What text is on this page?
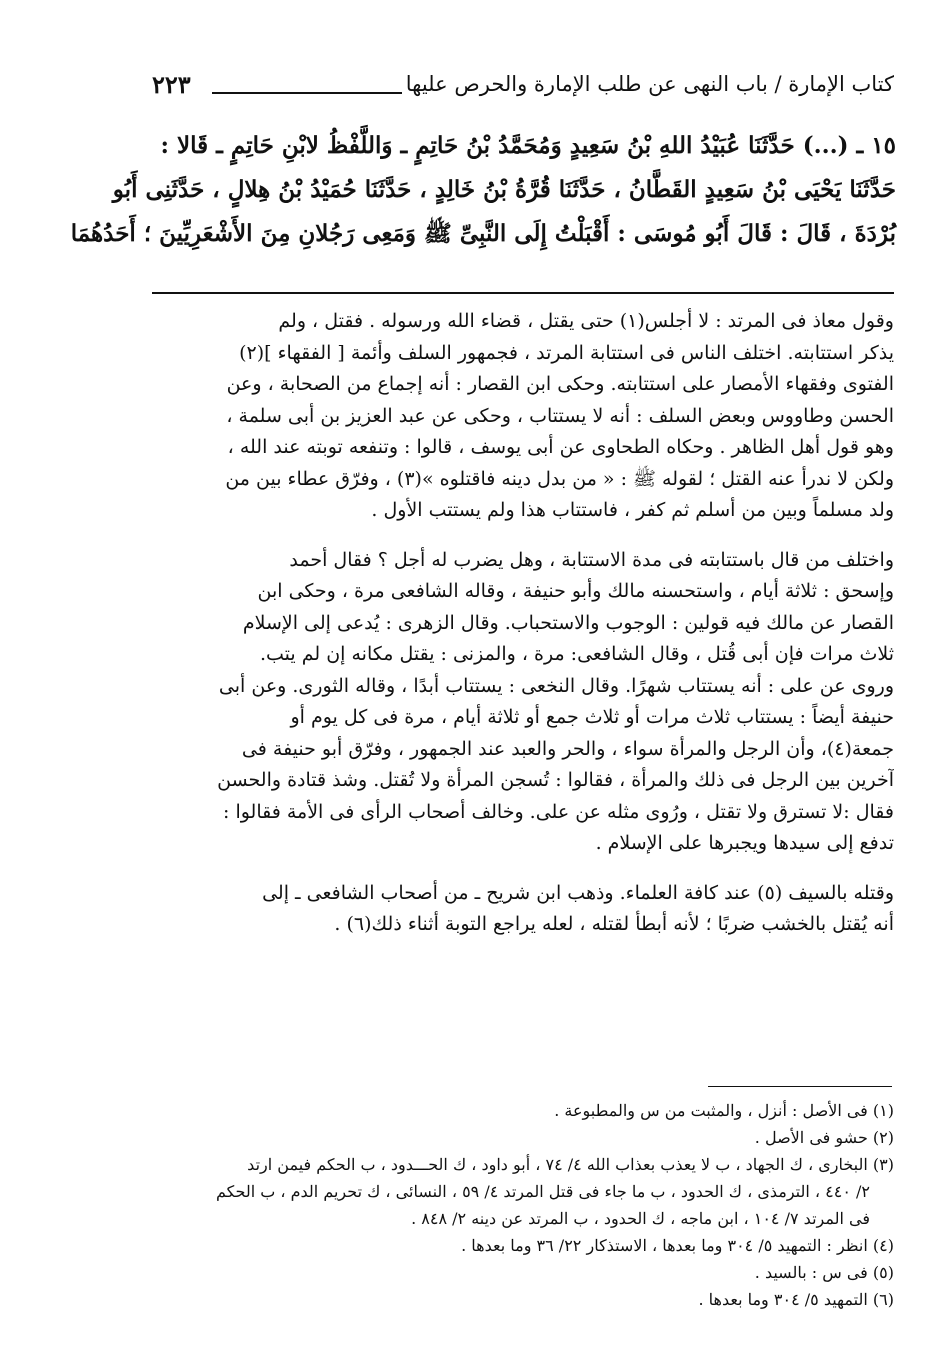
٢٢٣	كتاب الإمارة / باب النهى عن طلب الإمارة والحرص عليها

١٥ ـ (...) حَدَّثَنَا عُبَيْدُ اللهِ بْنُ سَعِيدٍ وَمُحَمَّدُ بْنُ حَاتِمٍ ـ وَاللَّفْظُ لابْنِ حَاتِمٍ ـ قَالا :

حَدَّثَنَا يَحْيَى بْنُ سَعِيدٍ القَطَّانُ ، حَدَّثَنَا قُرَّةُ بْنُ خَالِدٍ ، حَدَّثَنَا حُمَيْدُ بْنُ هِلالٍ ، حَدَّثَنِى أَبُو

بُرْدَةَ ، قَالَ : قَالَ أَبُو مُوسَى : أَقْبَلْتُ إِلَى النَّبِىِّ ﷺ وَمَعِى رَجُلانِ مِنَ الأَشْعَرِيِّينَ ؛ أَحَدُهُمَا

وقول معاذ فى المرتد : لا أجلس(١) حتى يقتل ، قضاء الله ورسوله . فقتل ، ولم
يذكر استتابته. اختلف الناس فى استتابة المرتد ، فجمهور السلف وأئمة [ الفقهاء ](٢)
الفتوى وفقهاء الأمصار على استتابته. وحكى ابن القصار : أنه إجماع من الصحابة ، وعن
الحسن وطاووس وبعض السلف : أنه لا يستتاب ، وحكى عن عبد العزيز بن أبى سلمة ،
وهو قول أهل الظاهر . وحكاه الطحاوى عن أبى يوسف ، قالوا : وتنفعه توبته عند الله ،
ولكن لا ندرأ عنه القتل ؛ لقوله ﷺ : « من بدل دينه فاقتلوه »(٣) ، وفرّق عطاء بين من
ولد مسلماً وبين من أسلم ثم كفر ، فاستتاب هذا ولم يستتب الأول .
واختلف من قال باستتابته فى مدة الاستتابة ، وهل يضرب له أجل ؟ فقال أحمد
وإسحق : ثلاثة أيام ، واستحسنه مالك وأبو حنيفة ، وقاله الشافعى مرة ، وحكى ابن
القصار عن مالك فيه قولين : الوجوب والاستحباب. وقال الزهرى : يُدعى إلى الإسلام
ثلاث مرات فإن أبى قُتل ، وقال الشافعى: مرة ، والمزنى : يقتل مكانه إن لم يتب.
وروى عن على : أنه يستتاب شهرًا. وقال النخعى : يستتاب أبدًا ، وقاله الثورى. وعن أبى
حنيفة أيضاً : يستتاب ثلاث مرات أو ثلاث جمع أو ثلاثة أيام ، مرة فى كل يوم أو
جمعة(٤)، وأن الرجل والمرأة سواء ، والحر والعبد عند الجمهور ، وفرّق أبو حنيفة فى
آخرين بين الرجل فى ذلك والمرأة ، فقالوا : تُسجن المرأة ولا تُقتل. وشذ قتادة والحسن
فقال :لا تسترق ولا تقتل ، ورُوى مثله عن على. وخالف أصحاب الرأى فى الأمة فقالوا :
تدفع إلى سيدها ويجبرها على الإسلام .
وقتله بالسيف (٥) عند كافة العلماء. وذهب ابن شريح ـ من أصحاب الشافعى ـ إلى
أنه يُقتل بالخشب ضربًا ؛ لأنه أبطأ لقتله ، لعله يراجع التوبة أثناء ذلك(٦) .
(١) فى الأصل : أنزل ، والمثبت من س والمطبوعة .
(٢) حشو فى الأصل .
(٣) البخارى ، ك الجهاد ، ب لا يعذب بعذاب الله ٤/ ٧٤ ، أبو داود ، ك الحـــدود ، ب الحكم فيمن ارتد
٢/ ٤٤٠ ، الترمذى ، ك الحدود ، ب ما جاء فى قتل المرتد ٤/ ٥٩ ، النسائى ، ك تحريم الدم ، ب الحكم
فى المرتد ٧/ ١٠٤ ، ابن ماجه ، ك الحدود ، ب المرتد عن دينه ٢/ ٨٤٨ .
(٤) انظر : التمهيد ٥/ ٣٠٤ وما بعدها ، الاستذكار ٢٢/ ٣٦ وما بعدها .
(٥) فى س : بالسيد .
(٦) التمهيد ٥/ ٣٠٤ وما بعدها .
